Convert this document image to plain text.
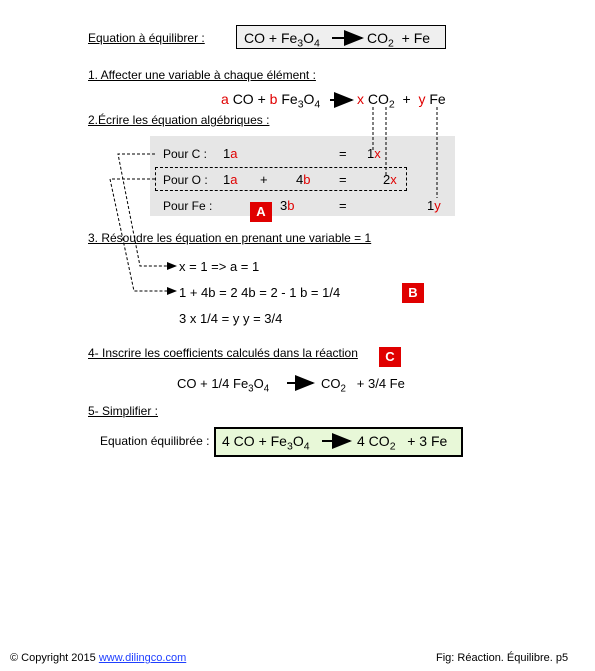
Equation à équilibrer :	CO + $Fe_3O_4$	$CO_2 + Fe$
1. Affecter une variable à chaque élément :
a CO + b $Fe_3O_4$	x $CO_2 + y$ Fe
2.Écrire les équation algébriques :
Pour C : 1a	= 1x
Pour O : 1a + 4b =	2x
Pour Fe :	3b	=	1y
A
3. Résoudre les équation en prenant une variable = 1
x = 1 => a = 1
1 + 4b = 2 4b = 2 - 1 b = 1/4
3 x 1/4 = y y = 3/4
B
4- Inscrire les coefficients calculés dans la réaction	C
CO + 1/4 $Fe_3O_4$	$CO_2 + 3/4$ Fe
5- Simplifier :
Equation équilibrée : 4 CO + $Fe_3O_4$	4 $CO_2 + 3$ Fe
© Copyright 2015 www.dilingco.com	Fig: Réaction. Équilibre. p5
